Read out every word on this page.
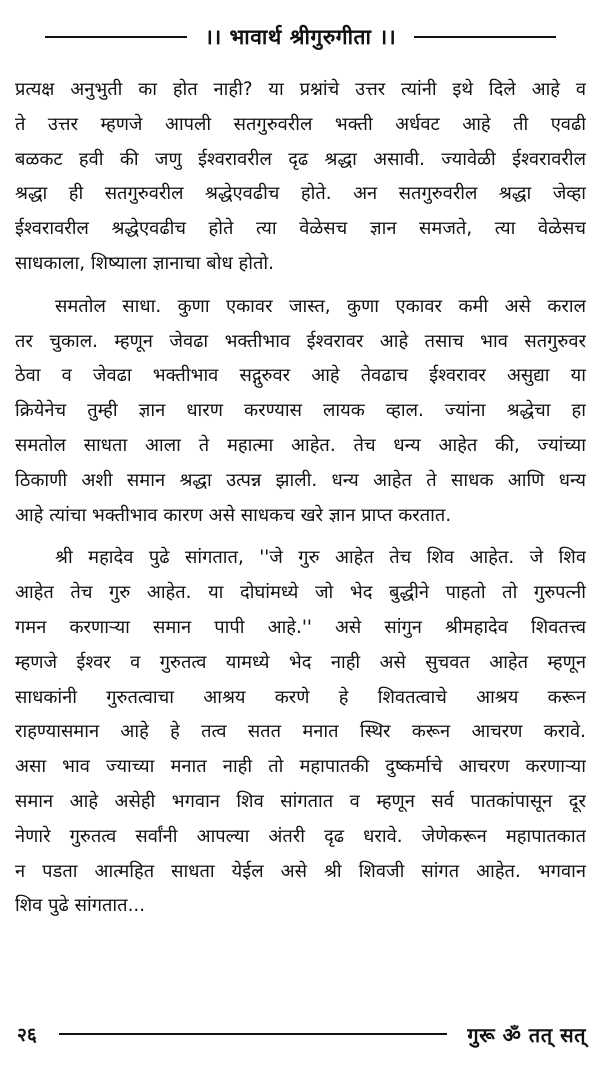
।। भावार्थ श्रीगुरुगीता ।।
प्रत्यक्ष अनुभुती का होत नाही? या प्रश्नांचे उत्तर त्यांनी इथे दिले आहे व
ते उत्तर म्हणजे आपली सतगुरुवरील भक्ती अर्धवट आहे ती एवढी
बळकट हवी की जणु ईश्वरावरील दृढ श्रद्धा असावी. ज्यावेळी ईश्वरावरील
श्रद्धा ही सतगुरुवरील श्रद्धेएवढीच होते. अन सतगुरुवरील श्रद्धा जेव्हा
ईश्वरावरील श्रद्धेएवढीच होते त्या वेळेसच ज्ञान समजते, त्या वेळेसच
साधकाला, शिष्याला ज्ञानाचा बोध होतो.
समतोल साधा. कुणा एकावर जास्त, कुणा एकावर कमी असे कराल
तर चुकाल. म्हणून जेवढा भक्तीभाव ईश्वरावर आहे तसाच भाव सतगुरुवर
ठेवा व जेवढा भक्तीभाव सद्गुरुवर आहे तेवढाच ईश्वरावर असुद्या या
क्रियेनेच तुम्ही ज्ञान धारण करण्यास लायक व्हाल. ज्यांना श्रद्धेचा हा
समतोल साधता आला ते महात्मा आहेत. तेच धन्य आहेत की, ज्यांच्या
ठिकाणी अशी समान श्रद्धा उत्पन्न झाली. धन्य आहेत ते साधक आणि धन्य
आहे त्यांचा भक्तीभाव कारण असे साधकच खरे ज्ञान प्राप्त करतात.
श्री महादेव पुढे सांगतात, ''जे गुरु आहेत तेच शिव आहेत. जे शिव
आहेत तेच गुरु आहेत. या दोघांमध्ये जो भेद बुद्धीने पाहतो तो गुरुपत्नी
गमन करणाऱ्या समान पापी आहे.'' असे सांगुन श्रीमहादेव शिवतत्त्व
म्हणजे ईश्वर व गुरुतत्व यामध्ये भेद नाही असे सुचवत आहेत म्हणून
साधकांनी गुरुतत्वाचा आश्रय करणे हे शिवतत्वाचे आश्रय करून
राहण्यासमान आहे हे तत्व सतत मनात स्थिर करून आचरण करावे.
असा भाव ज्याच्या मनात नाही तो महापातकी दुष्कर्माचे आचरण करणाऱ्या
समान आहे असेही भगवान शिव सांगतात व म्हणून सर्व पातकांपासून दूर
नेणारे गुरुतत्व सर्वांनी आपल्या अंतरी दृढ धरावे. जेणेकरून महापातकात
न पडता आत्महित साधता येईल असे श्री शिवजी सांगत आहेत. भगवान
शिव पुढे सांगतात...
२६	गुरू ॐ तत् सत्
